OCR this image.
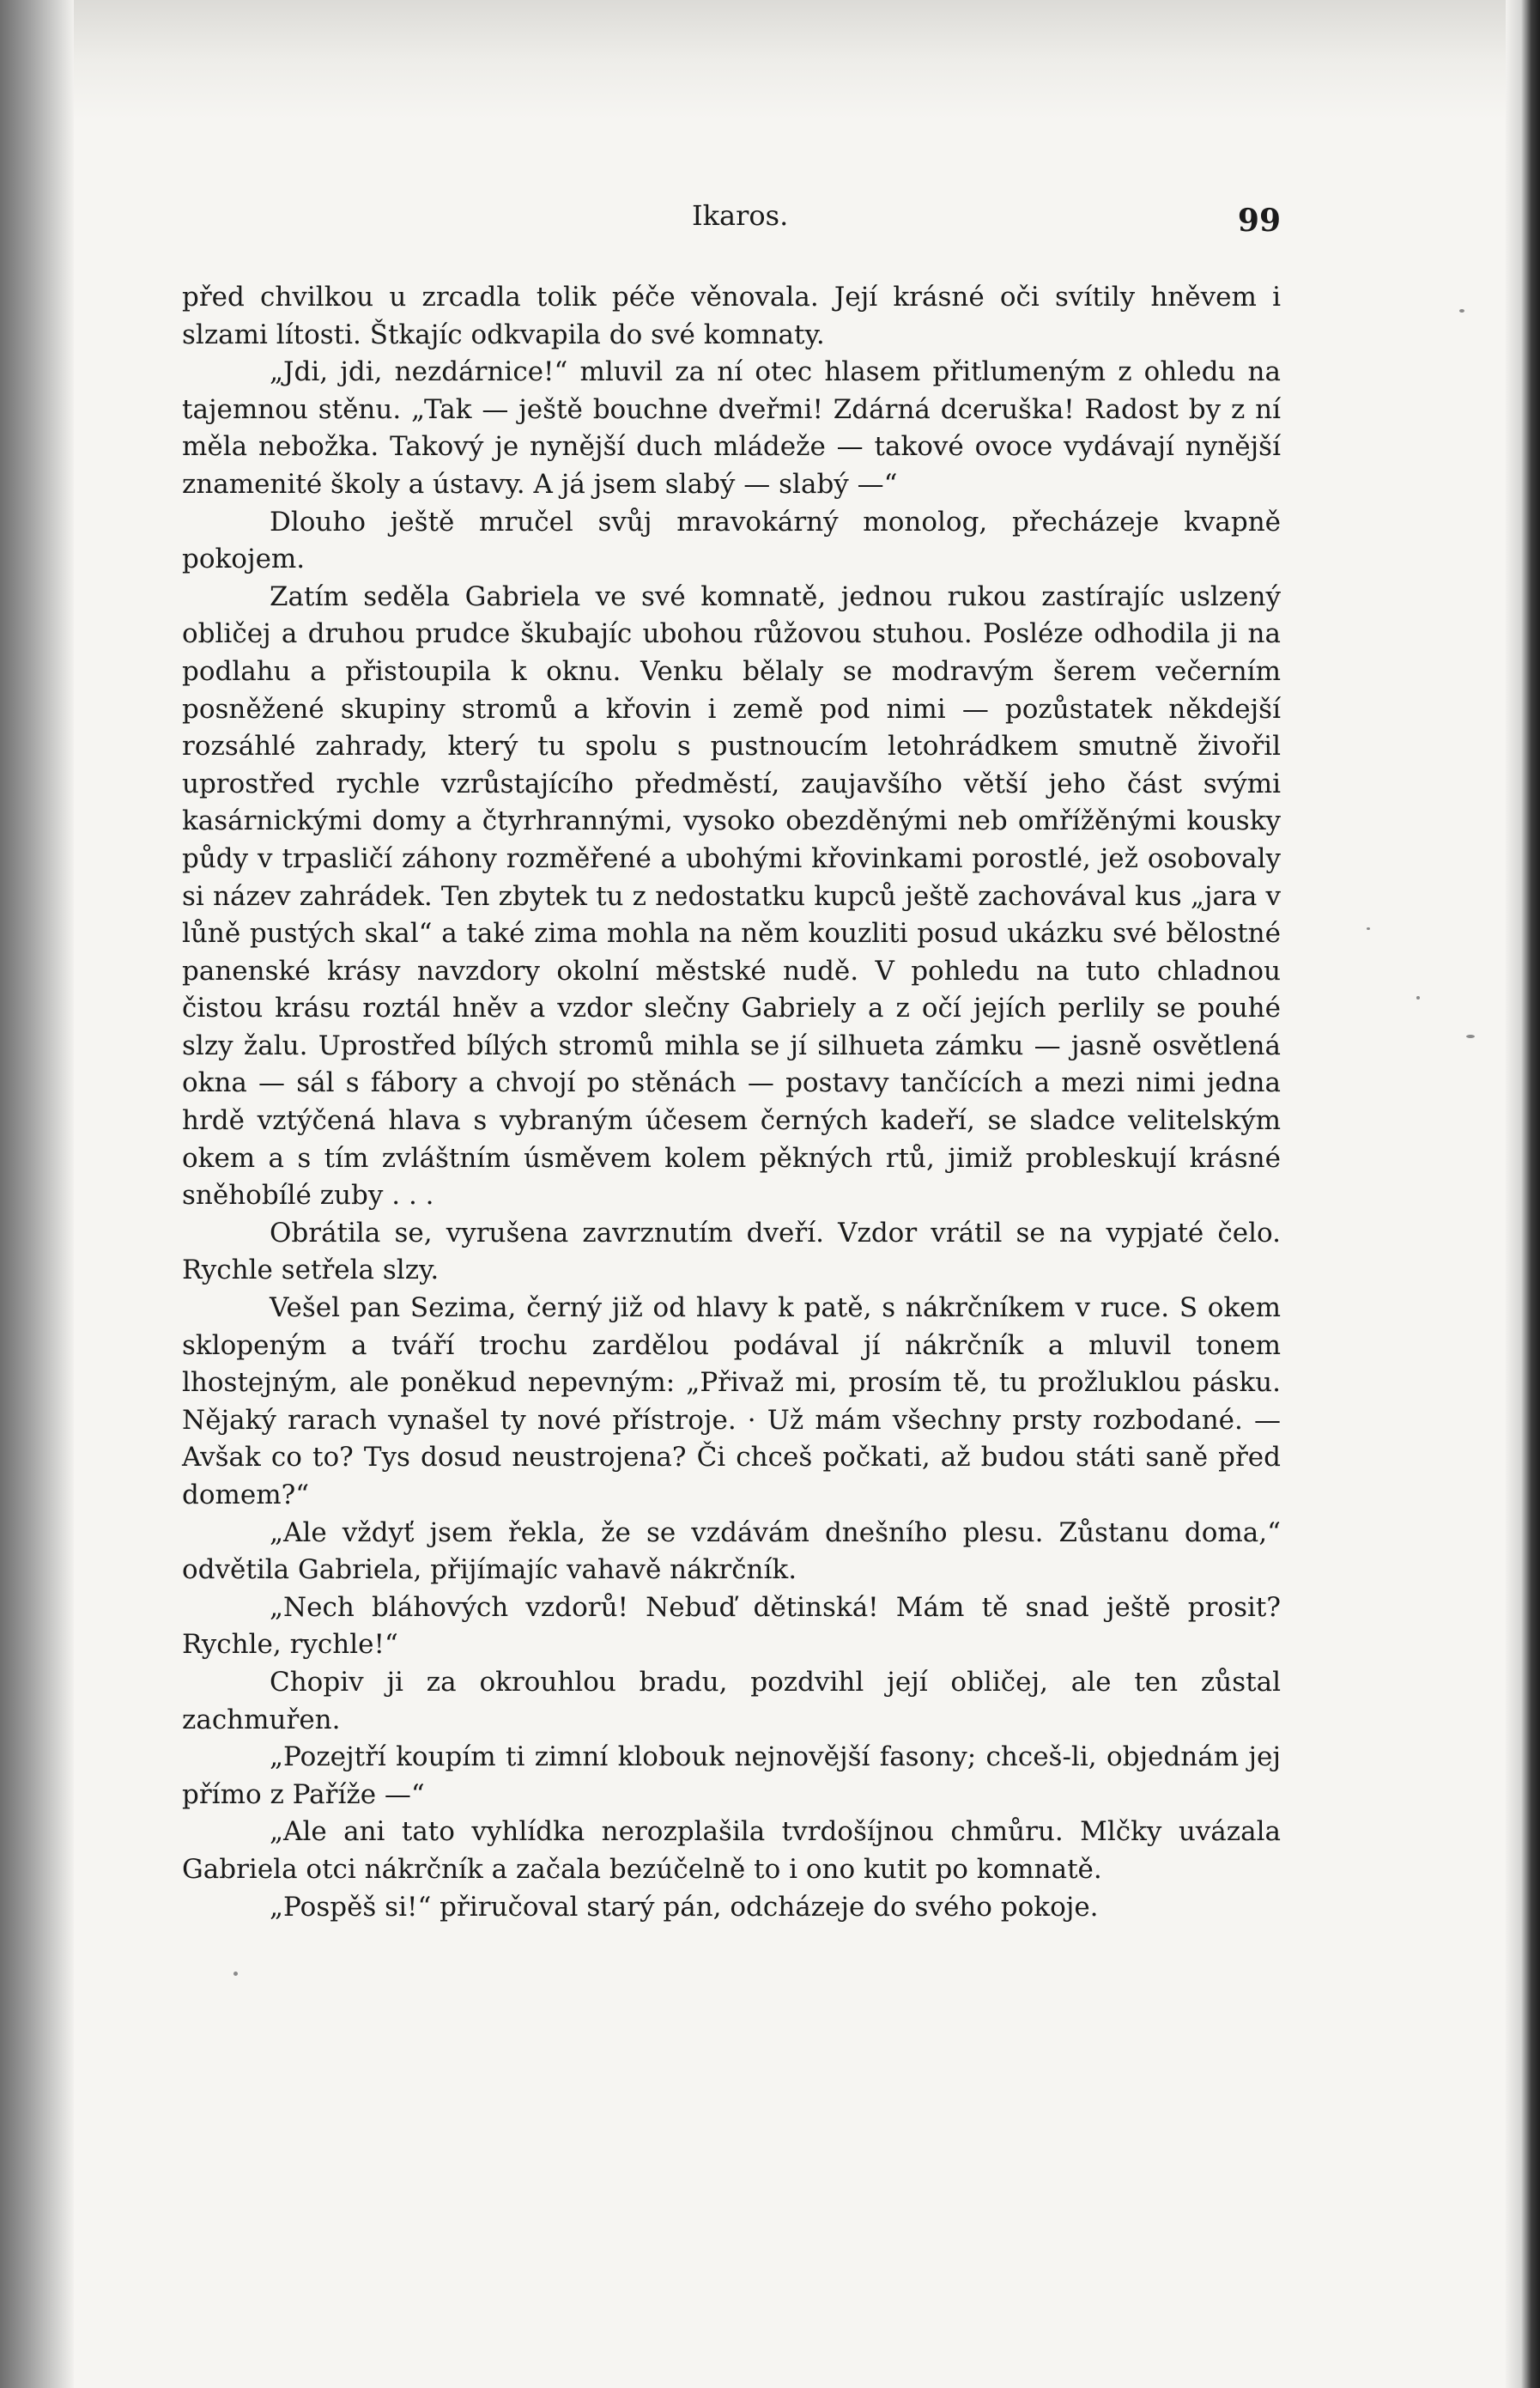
Ikaros.	99

před chvilkou u zrcadla tolik péče věnovala. Její krásné oči svítily hněvem i slzami lítosti. Štkajíc odkvapila do své komnaty.

„Jdi, jdi, nezdárnice!“ mluvil za ní otec hlasem přitlumeným z ohledu na tajemnou stěnu. „Tak — ještě bouchne dveřmi! Zdárná dceruška! Radost by z ní měla nebožka. Takový je nynější duch mládeže — takové ovoce vydávají nynější znamenité školy a ústavy. A já jsem slabý — slabý —“

Dlouho ještě mručel svůj mravokárný monolog, přecházeje kvapně pokojem.

Zatím seděla Gabriela ve své komnatě, jednou rukou zastírajíc uslzený obličej a druhou prudce škubajíc ubohou růžovou stuhou. Posléze odhodila ji na podlahu a přistoupila k oknu. Venku bělaly se modravým šerem večerním posněžené skupiny stromů a křovin i země pod nimi — pozůstatek někdejší rozsáhlé zahrady, který tu spolu s pustnoucím letohrádkem smutně živořil uprostřed rychle vzrůstajícího předměstí, zaujavšího větší jeho část svými kasárnickými domy a čtyrhrannými, vysoko obezděnými neb omřížěnými kousky půdy v trpasličí záhony rozměřené a ubohými křovinkami porostlé, jež osobovaly si název zahrádek. Ten zbytek tu z nedostatku kupců ještě zachovával kus „jara v lůně pustých skal“ a také zima mohla na něm kouzliti posud ukázku své bělostné panenské krásy navzdory okolní městské nudě. V pohledu na tuto chladnou čistou krásu roztál hněv a vzdor slečny Gabriely a z očí jejích perlily se pouhé slzy žalu. Uprostřed bílých stromů mihla se jí silhueta zámku — jasně osvětlená okna — sál s fábory a chvojí po stěnách — postavy tančících a mezi nimi jedna hrdě vztýčená hlava s vybraným účesem černých kadeří, se sladce velitelským okem a s tím zvláštním úsměvem kolem pěkných rtů, jimiž probleskují krásné sněhobílé zuby . . .

Obrátila se, vyrušena zavrznutím dveří. Vzdor vrátil se na vypjaté čelo. Rychle setřela slzy.

Vešel pan Sezima, černý již od hlavy k patě, s nákrčníkem v ruce. S okem sklopeným a tváří trochu zardělou podával jí nákrčník a mluvil tonem lhostejným, ale poněkud nepevným: „Přivaž mi, prosím tě, tu prožluklou pásku. Nějaký rarach vynašel ty nové přístroje. · Už mám všechny prsty rozbodané. — Avšak co to? Tys dosud neustrojena? Či chceš počkati, až budou státi saně před domem?“

„Ale vždyť jsem řekla, že se vzdávám dnešního plesu. Zůstanu doma,“ odvětila Gabriela, přijímajíc vahavě nákrčník.

„Nech bláhových vzdorů! Nebuď dětinská! Mám tě snad ještě prosit? Rychle, rychle!“

Chopiv ji za okrouhlou bradu, pozdvihl její obličej, ale ten zůstal zachmuřen.

„Pozejtří koupím ti zimní klobouk nejnovější fasony; chceš-li, objednám jej přímo z Paříže —“

„Ale ani tato vyhlídka nerozplašila tvrdošíjnou chmůru. Mlčky uvázala Gabriela otci nákrčník a začala bezúčelně to i ono kutit po komnatě.

„Pospěš si!“ přiručoval starý pán, odcházeje do svého pokoje.
